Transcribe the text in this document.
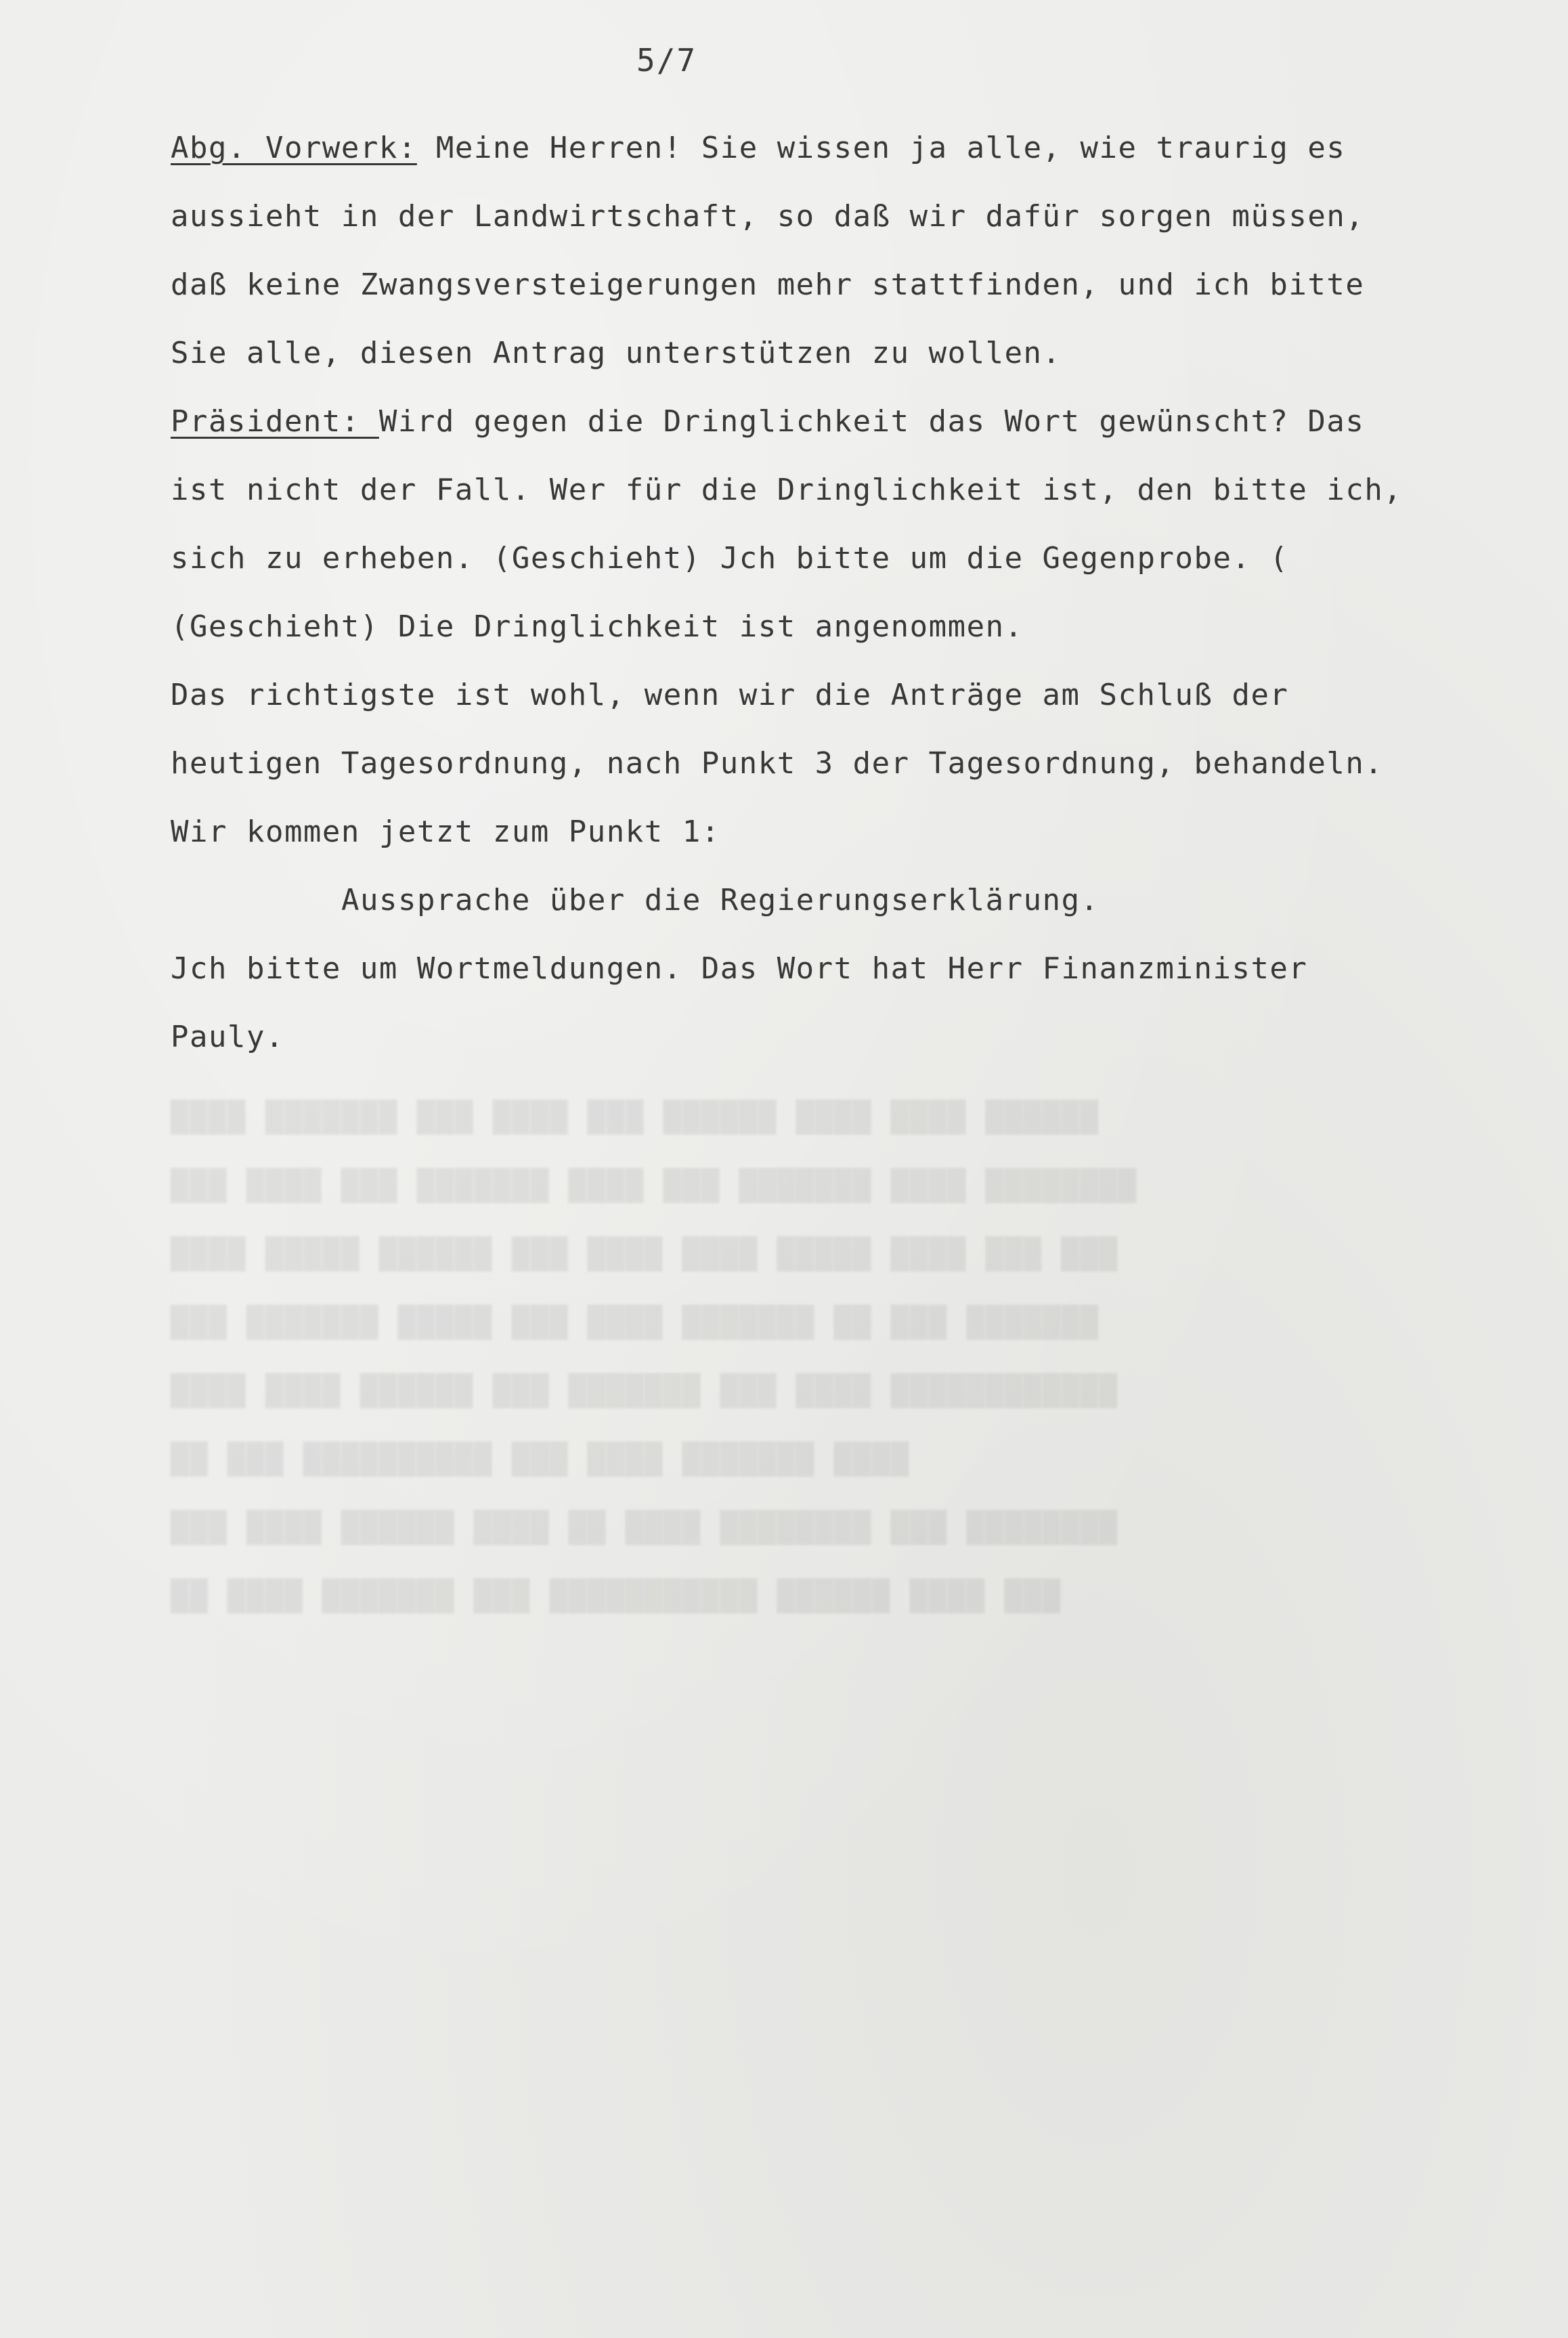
5/7
Abg. Vorwerk: Meine Herren! Sie wissen ja alle, wie traurig es
aussieht in der Landwirtschaft, so daß wir dafür sorgen müssen,
daß keine Zwangsversteigerungen mehr stattfinden, und ich bitte
Sie alle, diesen Antrag unterstützen zu wollen.
Präsident: Wird gegen die Dringlichkeit das Wort gewünscht? Das
ist nicht der Fall. Wer für die Dringlichkeit ist, den bitte ich,
sich zu erheben. (Geschieht) Jch bitte um die Gegenprobe. (
(Geschieht) Die Dringlichkeit ist angenommen.
Das richtigste ist wohl, wenn wir die Anträge am Schluß der
heutigen Tagesordnung, nach Punkt 3 der Tagesordnung, behandeln.
Wir kommen jetzt zum Punkt 1:
Aussprache über die Regierungserklärung.
Jch bitte um Wortmeldungen. Das Wort hat Herr Finanzminister
Pauly.
████ ███████ ███ ████ ███ ██████ ████ ████ ██████
███ ████ ███ ███████ ████ ███ ███████ ████ ████████
████ █████ ██████ ███ ████ ████ █████ ████ ███ ███
███ ███████ █████ ███ ████ ███████ ██ ███ ███████
████ ████ ██████ ███ ███████ ███ ████ ████████████
██ ███ ██████████ ███ ████ ███████ ████
███ ████ ██████ ████ ██ ████ ████████ ███ ████████
██ ████ ███████ ███ ███████████ ██████ ████ ███
